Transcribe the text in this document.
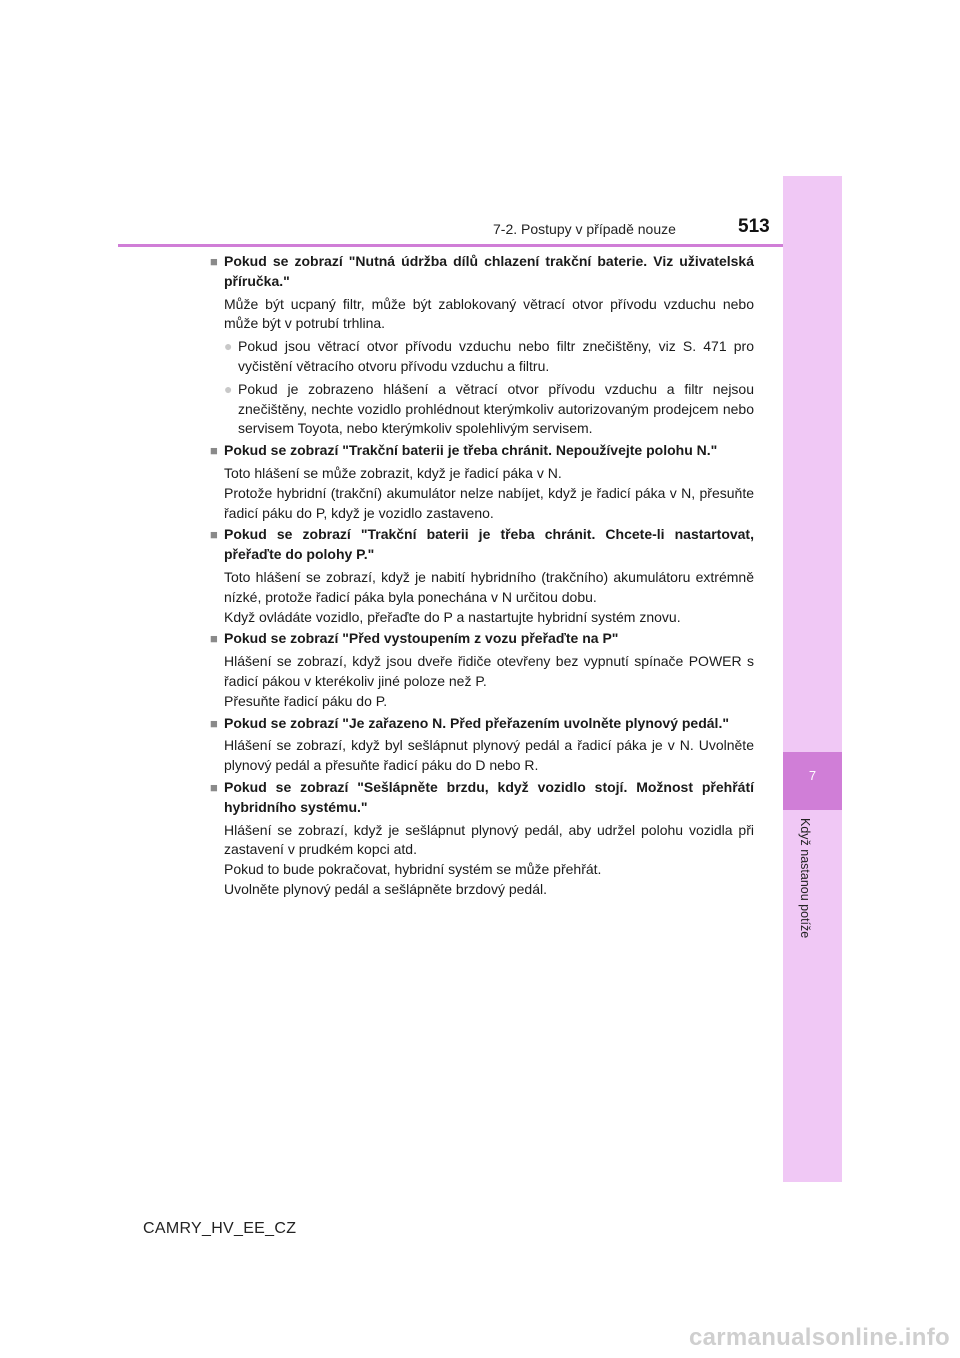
7-2. Postupy v případě nouze	513
7
Když nastanou potíže
■ Pokud se zobrazí "Nutná údržba dílů chlazení trakční baterie. Viz uživatelská příručka."
Může být ucpaný filtr, může být zablokovaný větrací otvor přívodu vzduchu nebo může být v potrubí trhlina.
● Pokud jsou větrací otvor přívodu vzduchu nebo filtr znečištěny, viz S. 471 pro vyčistění větracího otvoru přívodu vzduchu a filtru.
● Pokud je zobrazeno hlášení a větrací otvor přívodu vzduchu a filtr nejsou znečištěny, nechte vozidlo prohlédnout kterýmkoliv autorizovaným prodejcem nebo servisem Toyota, nebo kterýmkoliv spolehlivým servisem.
■ Pokud se zobrazí "Trakční baterii je třeba chránit. Nepoužívejte polohu N."
Toto hlášení se může zobrazit, když je řadicí páka v N.
Protože hybridní (trakční) akumulátor nelze nabíjet, když je řadicí páka v N, přesuňte řadicí páku do P, když je vozidlo zastaveno.
■ Pokud se zobrazí "Trakční baterii je třeba chránit. Chcete-li nastartovat, přeřaďte do polohy P."
Toto hlášení se zobrazí, když je nabití hybridního (trakčního) akumulátoru extrémně nízké, protože řadicí páka byla ponechána v N určitou dobu.
Když ovládáte vozidlo, přeřaďte do P a nastartujte hybridní systém znovu.
■ Pokud se zobrazí "Před vystoupením z vozu přeřaďte na P"
Hlášení se zobrazí, když jsou dveře řidiče otevřeny bez vypnutí spínače POWER s řadicí pákou v kterékoliv jiné poloze než P.
Přesuňte řadicí páku do P.
■ Pokud se zobrazí "Je zařazeno N. Před přeřazením uvolněte plynový pedál."
Hlášení se zobrazí, když byl sešlápnut plynový pedál a řadicí páka je v N. Uvolněte plynový pedál a přesuňte řadicí páku do D nebo R.
■ Pokud se zobrazí "Sešlápněte brzdu, když vozidlo stojí. Možnost přehřátí hybridního systému."
Hlášení se zobrazí, když je sešlápnut plynový pedál, aby udržel polohu vozidla při zastavení v prudkém kopci atd.
Pokud to bude pokračovat, hybridní systém se může přehřát.
Uvolněte plynový pedál a sešlápněte brzdový pedál.
CAMRY_HV_EE_CZ
carmanualsonline.info
